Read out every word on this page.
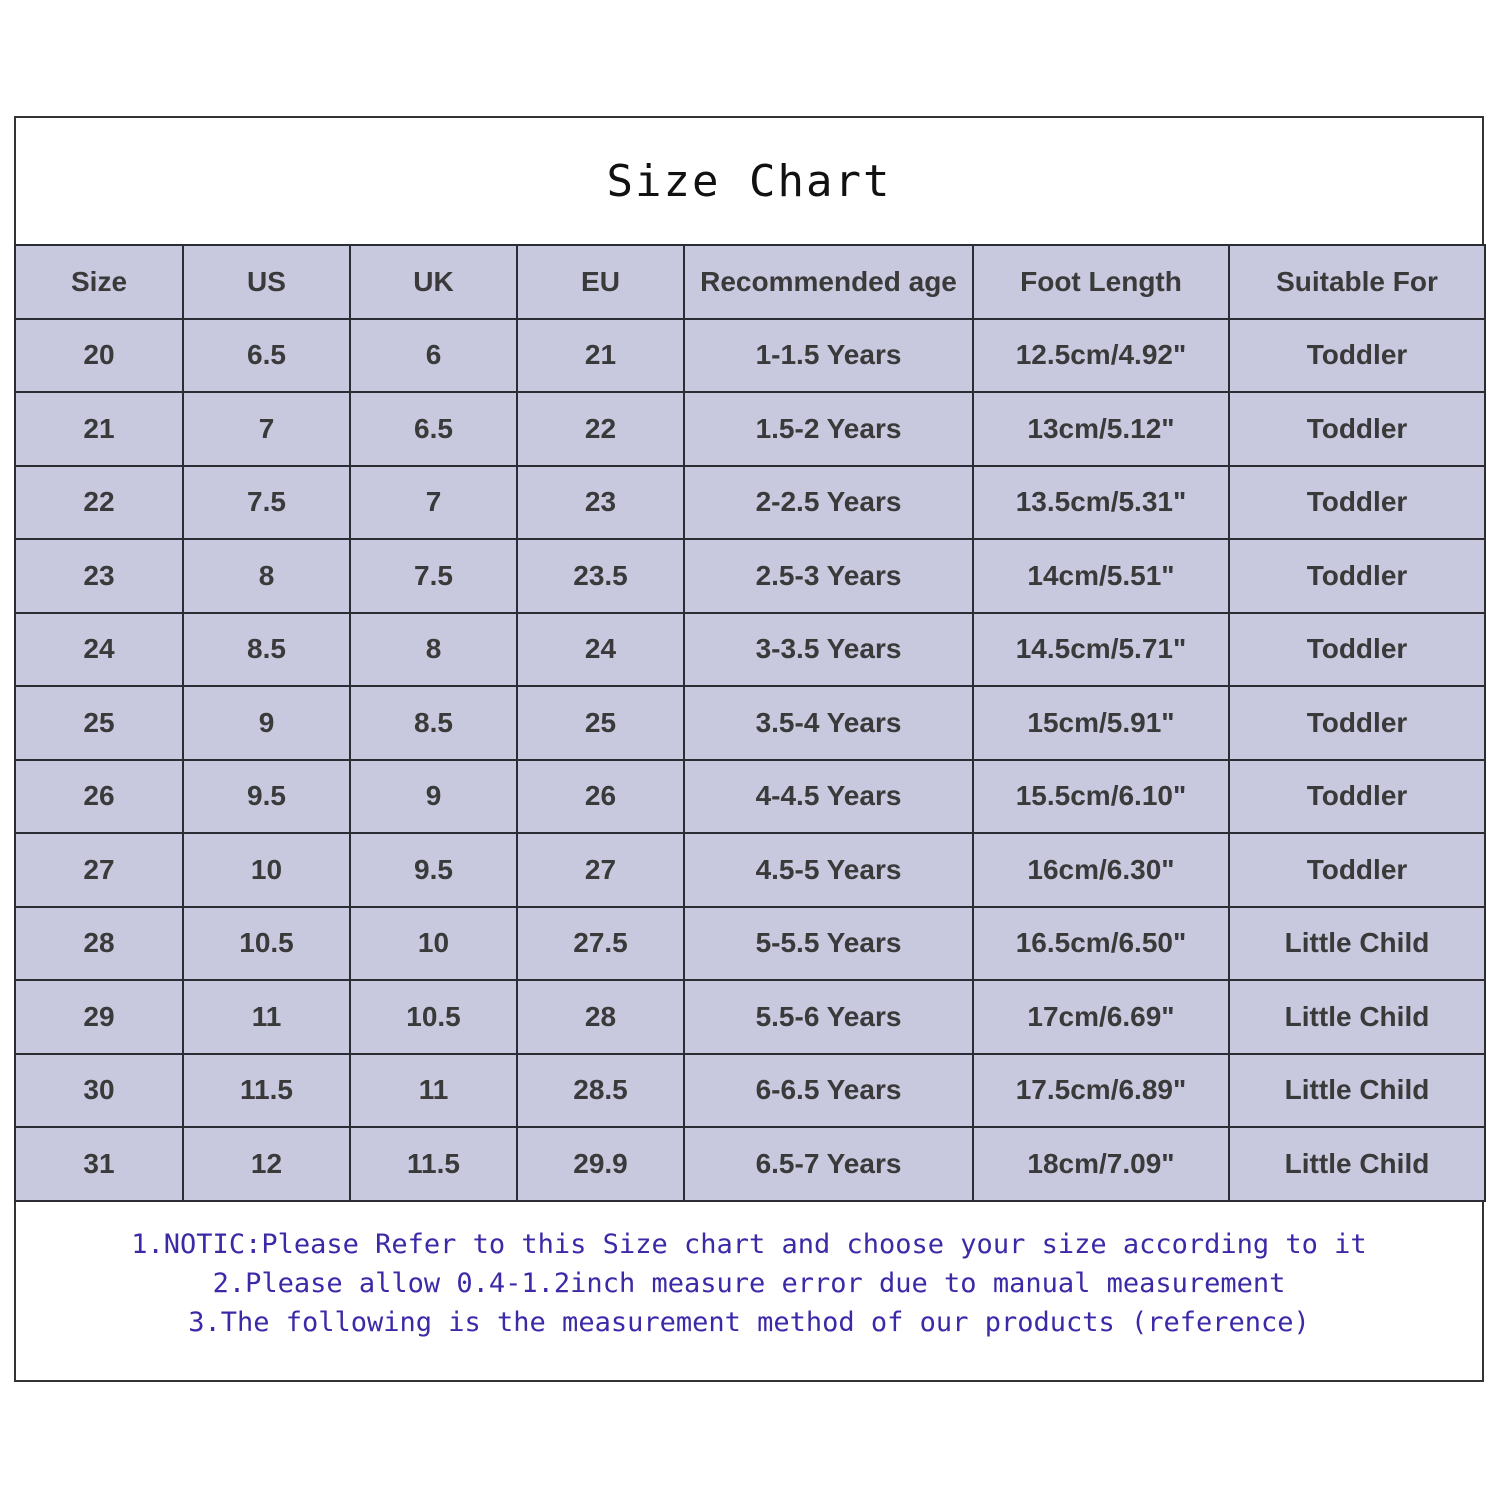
Size Chart
Size	US	UK	EU	Recommended age	Foot Length	Suitable For
20	6.5	6	21	1-1.5 Years	12.5cm/4.92"	Toddler
21	7	6.5	22	1.5-2 Years	13cm/5.12"	Toddler
22	7.5	7	23	2-2.5 Years	13.5cm/5.31"	Toddler
23	8	7.5	23.5	2.5-3 Years	14cm/5.51"	Toddler
24	8.5	8	24	3-3.5 Years	14.5cm/5.71"	Toddler
25	9	8.5	25	3.5-4 Years	15cm/5.91"	Toddler
26	9.5	9	26	4-4.5 Years	15.5cm/6.10"	Toddler
27	10	9.5	27	4.5-5 Years	16cm/6.30"	Toddler
28	10.5	10	27.5	5-5.5 Years	16.5cm/6.50"	Little Child
29	11	10.5	28	5.5-6 Years	17cm/6.69"	Little Child
30	11.5	11	28.5	6-6.5 Years	17.5cm/6.89"	Little Child
31	12	11.5	29.9	6.5-7 Years	18cm/7.09"	Little Child
1.NOTIC:Please Refer to this Size chart and choose your size according to it
2.Please allow 0.4-1.2inch measure error due to manual measurement
3.The following is the measurement method of our products (reference)
